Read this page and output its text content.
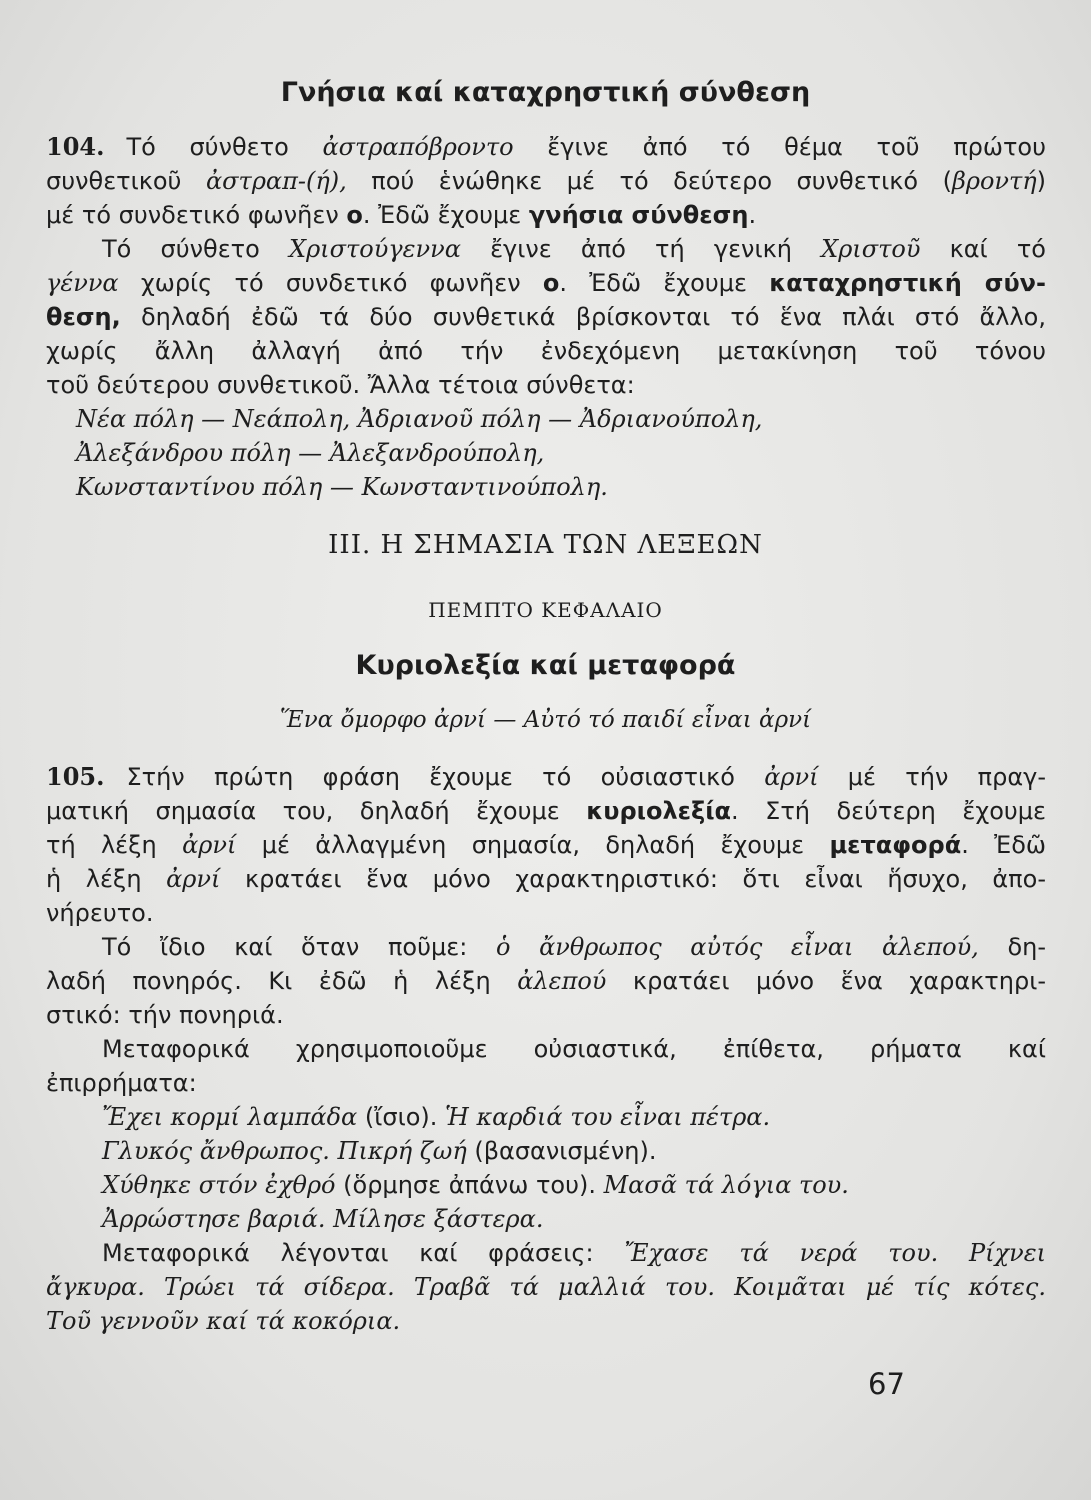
Γνήσια καί καταχρηστική σύνθεση
104. Τό σύνθετο ἀστραπόβροντο ἔγινε ἀπό τό θέμα τοῦ πρώτου
συνθετικοῦ ἀστραπ-(ή), πού ἑνώθηκε μέ τό δεύτερο συνθετικό (βροντή)
μέ τό συνδετικό φωνῆεν ο. Ἐδῶ ἔχουμε γνήσια σύνθεση.
Τό σύνθετο Χριστούγεννα ἔγινε ἀπό τή γενική Χριστοῦ καί τό
γέννα χωρίς τό συνδετικό φωνῆεν ο. Ἐδῶ ἔχουμε καταχρηστική σύν-
θεση, δηλαδή ἐδῶ τά δύο συνθετικά βρίσκονται τό ἕνα πλάι στό ἄλλο,
χωρίς ἄλλη ἀλλαγή ἀπό τήν ἐνδεχόμενη μετακίνηση τοῦ τόνου
τοῦ δεύτερου συνθετικοῦ. Ἄλλα τέτοια σύνθετα:
Νέα πόλη — Νεάπολη, Ἀδριανοῦ πόλη — Ἀδριανούπολη,
Ἀλεξάνδρου πόλη — Ἀλεξανδρούπολη,
Κωνσταντίνου πόλη — Κωνσταντινούπολη.
ΙΙΙ. Η ΣΗΜΑΣΙΑ ΤΩΝ ΛΕΞΕΩΝ
ΠΕΜΠΤΟ ΚΕΦΑΛΑΙΟ
Κυριολεξία καί μεταφορά
Ἕνα ὄμορφο ἀρνί — Αὐτό τό παιδί εἶναι ἀρνί
105. Στήν πρώτη φράση ἔχουμε τό οὐσιαστικό ἀρνί μέ τήν πραγ-
ματική σημασία του, δηλαδή ἔχουμε κυριολεξία. Στή δεύτερη ἔχουμε
τή λέξη ἀρνί μέ ἀλλαγμένη σημασία, δηλαδή ἔχουμε μεταφορά. Ἐδῶ
ἡ λέξη ἀρνί κρατάει ἕνα μόνο χαρακτηριστικό: ὅτι εἶναι ἥσυχο, ἀπο-
νήρευτο.
Τό ἴδιο καί ὅταν ποῦμε: ὁ ἄνθρωπος αὐτός εἶναι ἀλεπού, δη-
λαδή πονηρός. Κι ἐδῶ ἡ λέξη ἀλεπού κρατάει μόνο ἕνα χαρακτηρι-
στικό: τήν πονηριά.
Μεταφορικά χρησιμοποιοῦμε οὐσιαστικά, ἐπίθετα, ρήματα καί
ἐπιρρήματα:
Ἔχει κορμί λαμπάδα (ἴσιο). Ἡ καρδιά του εἶναι πέτρα.
Γλυκός ἄνθρωπος. Πικρή ζωή (βασανισμένη).
Χύθηκε στόν ἐχθρό (ὅρμησε ἀπάνω του). Μασᾶ τά λόγια του.
Ἀρρώστησε βαριά. Μίλησε ξάστερα.
Μεταφορικά λέγονται καί φράσεις: Ἔχασε τά νερά του. Ρίχνει
ἄγκυρα. Τρώει τά σίδερα. Τραβᾶ τά μαλλιά του. Κοιμᾶται μέ τίς κότες.
Τοῦ γεννοῦν καί τά κοκόρια.
67
